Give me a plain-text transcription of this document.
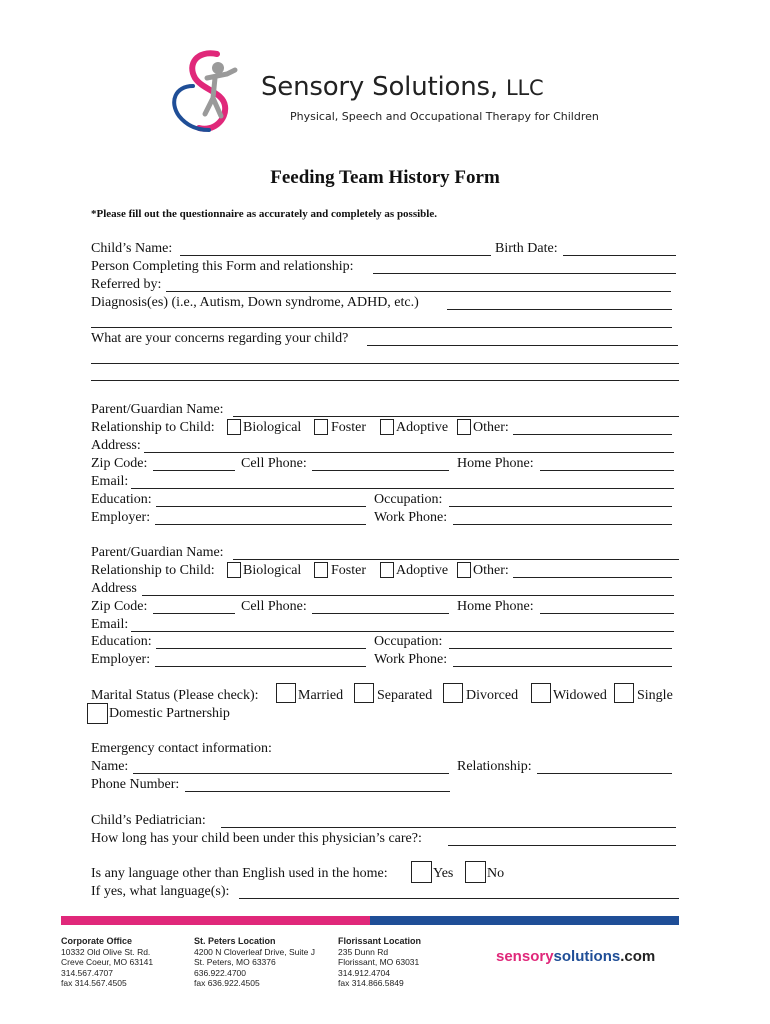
Sensory Solutions, LLC
Physical, Speech and Occupational Therapy for Children
Feeding Team History Form
*Please fill out the questionnaire as accurately and completely as possible.
Child’s Name:	Birth Date:
Person Completing this Form and relationship:
Referred by:
Diagnosis(es) (i.e., Autism, Down syndrome, ADHD, etc.)
What are your concerns regarding your child?
Parent/Guardian Name:
Relationship to Child: Biological Foster Adoptive Other:
Address:
Zip Code:	Cell Phone:	Home Phone:
Email:
Education:	Occupation:
Employer:	Work Phone:
Parent/Guardian Name:
Relationship to Child: Biological Foster Adoptive Other:
Address
Zip Code:	Cell Phone:	Home Phone:
Email:
Education:	Occupation:
Employer:	Work Phone:
Marital Status (Please check):	Married Separated Divorced Widowed Single
Domestic Partnership
Emergency contact information:
Name:	Relationship:
Phone Number:
Child’s Pediatrician:
How long has your child been under this physician’s care?:
Is any language other than English used in the home:	Yes No
If yes, what language(s):
Corporate Office
10332 Old Olive St. Rd.
Creve Coeur, MO 63141
314.567.4707
fax 314.567.4505
St. Peters Location
4200 N Cloverleaf Drive, Suite J
St. Peters, MO 63376
636.922.4700
fax 636.922.4505
Florissant Location
235 Dunn Rd
Florissant, MO 63031
314.912.4704
fax 314.866.5849
sensorysolutions.com
